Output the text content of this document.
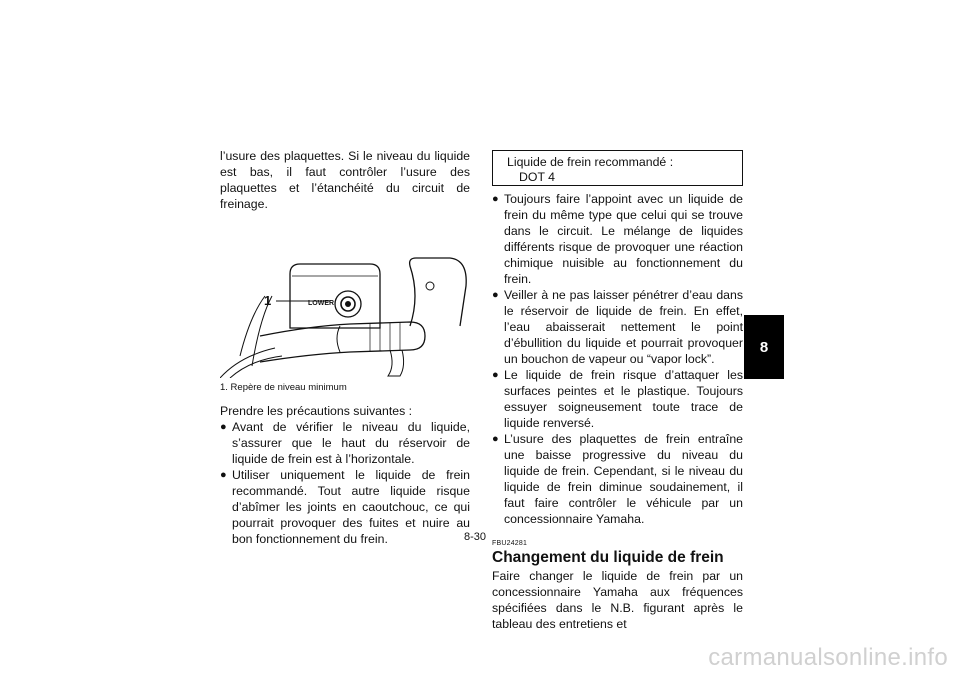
l’usure des plaquettes. Si le niveau du liquide est bas, il faut contrôler l’usure des plaquettes et l’étanchéité du circuit de freinage.

1	LOWER
1. Repère de niveau minimum

Prendre les précautions suivantes :

● Avant de vérifier le niveau du liquide, s’assurer que le haut du réservoir de liquide de frein est à l’horizontale.
● Utiliser uniquement le liquide de frein recommandé. Tout autre liquide risque d’abîmer les joints en caoutchouc, ce qui pourrait provoquer des fuites et nuire au bon fonctionnement du frein.
Liquide de frein recommandé :
DOT 4
● Toujours faire l’appoint avec un liquide de frein du même type que celui qui se trouve dans le circuit. Le mélange de liquides différents risque de provoquer une réaction chimique nuisible au fonctionnement du frein.
● Veiller à ne pas laisser pénétrer d’eau dans le réservoir de liquide de frein. En effet, l’eau abaisserait nettement le point d’ébullition du liquide et pourrait provoquer un bouchon de vapeur ou “vapor lock”.
● Le liquide de frein risque d’attaquer les surfaces peintes et le plastique. Toujours essuyer soigneusement toute trace de liquide renversé.
● L’usure des plaquettes de frein entraîne une baisse progressive du niveau du liquide de frein. Cependant, si le niveau du liquide de frein diminue soudainement, il faut faire contrôler le véhicule par un concessionnaire Yamaha.
FBU24281
Changement du liquide de frein

Faire changer le liquide de frein par un concessionnaire Yamaha aux fréquences spécifiées dans le N.B. figurant après le tableau des entretiens et

8
8-30
carmanualsonline.info
